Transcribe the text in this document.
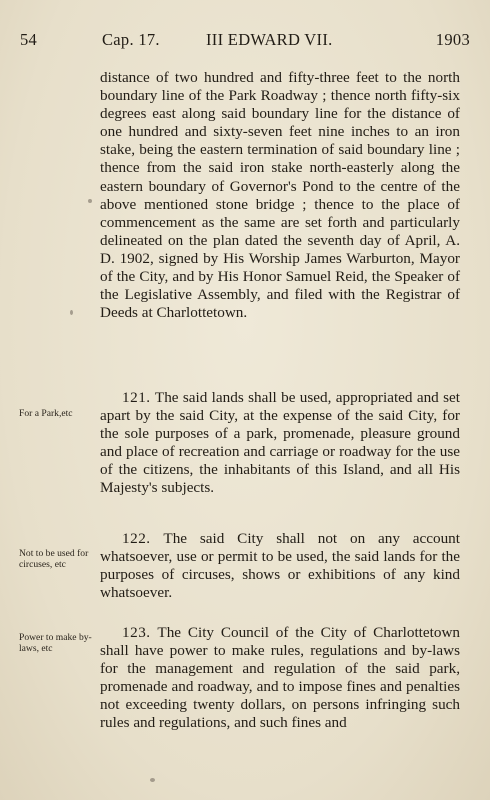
54	Cap. 17.	III EDWARD VII.	1903

distance of two hundred and fifty-three feet to the north boundary line of the Park Roadway ; thence north fifty-six degrees east along said boundary line for the distance of one hundred and sixty-seven feet nine inches to an iron stake, being the eastern termination of said boundary line ; thence from the said iron stake north-easterly along the eastern boundary of Governor's Pond to the centre of the above mentioned stone bridge ; thence to the place of commencement as the same are set forth and particularly delineated on the plan dated the seventh day of April, A. D. 1902, signed by His Worship James Warburton, Mayor of the City, and by His Honor Samuel Reid, the Speaker of the Legislative Assembly, and filed with the Registrar of Deeds at Charlottetown.

121. The said lands shall be used, appropriated and set apart by the said City, at the expense of the said City, for the sole purposes of a park, promenade, pleasure ground and place of recreation and carriage or roadway for the use of the citizens, the inhabitants of this Island, and all His Majesty's subjects.

For a Park,etc

122. The said City shall not on any account whatsoever, use or permit to be used, the said lands for the purposes of circuses, shows or exhibitions of any kind whatsoever.

Not to be used for circuses, etc

123. The City Council of the City of Charlottetown shall have power to make rules, regulations and by-laws for the management and regulation of the said park, promenade and roadway, and to impose fines and penalties not exceeding twenty dollars, on persons infringing such rules and regulations, and such fines and

Power to make by-laws, etc
